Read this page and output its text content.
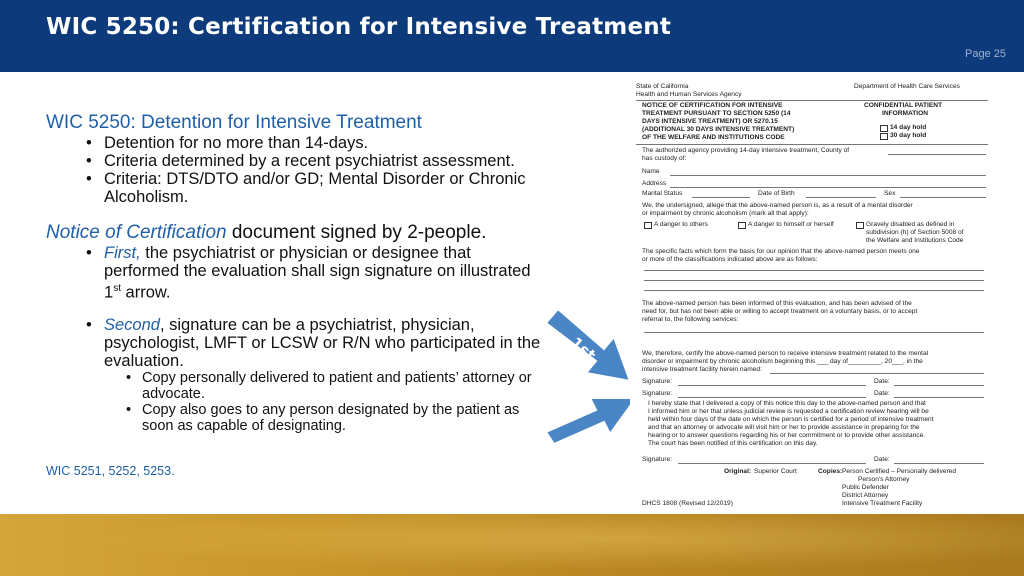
WIC 5250: Certification for Intensive Treatment
Page 25
WIC 5250: Detention for Intensive Treatment
• Detention for no more than 14-days.
• Criteria determined by a recent psychiatrist assessment.
• Criteria: DTS/DTO and/or GD; Mental Disorder or Chronic Alcoholism.
Notice of Certification document signed by 2-people.
• First, the psychiatrist or physician or designee that performed the evaluation shall sign signature on illustrated 1st arrow.
• Second, signature can be a psychiatrist, physician, psychologist, LMFT or LCSW or R/N who participated in the evaluation.
• Copy personally delivered to patient and patients’ attorney or advocate.
• Copy also goes to any person designated by the patient as soon as capable of designating.
WIC 5251, 5252, 5253.
1st
2nd
State of California
Health and Human Services Agency
Department of Health Care Services
NOTICE OF CERTIFICATION FOR INTENSIVE
TREATMENT PURSUANT TO SECTION 5250 (14
DAYS INTENSIVE TREATMENT) OR 5270.15
(ADDITIONAL 30 DAYS INTENSIVE TREATMENT)
OF THE WELFARE AND INSTITUTIONS CODE
CONFIDENTIAL PATIENT
INFORMATION
14 day hold
30 day hold
The authorized agency providing 14-day intensive treatment, County of
has custody of:
Name
Address
Marital Status	Date of Birth	Sex
We, the undersigned, allege that the above-named person is, as a result of a mental disorder
or impairment by chronic alcoholism (mark all that apply):
A danger to others	A danger to himself or herself	Gravely disabled as defined in
subdivision (h) of Section 5008 of
the Welfare and Institutions Code
The specific facts which form the basis for our opinion that the above-named person meets one
or more of the classifications indicated above are as follows:
The above-named person has been informed of this evaluation, and has been advised of the
need for, but has not been able or willing to accept treatment on a voluntary basis, or to accept
referral to, the following services:
We, therefore, certify the above-named person to receive intensive treatment related to the mental
disorder or impairment by chronic alcoholism beginning this ___ day of_________, 20___, in the
intensive treatment facility herein named:
Signature:	Date:
Signature:	Date:
I hereby state that I delivered a copy of this notice this day to the above-named person and that
I informed him or her that unless judicial review is requested a certification review hearing will be
held within four days of the date on which the person is certified for a period of intensive treatment
and that an attorney or advocate will visit him or her to provide assistance in preparing for the
hearing or to answer questions regarding his or her commitment or to provide other assistance.
The court has been notified of this certification on this day.
Signature:	Date:
Original: Superior Court	Copies: Person Certified – Personally delivered
Person's Attorney
Public Defender
District Attorney
Intensive Treatment Facility
DHCS 1808 (Revised 12/2019)
